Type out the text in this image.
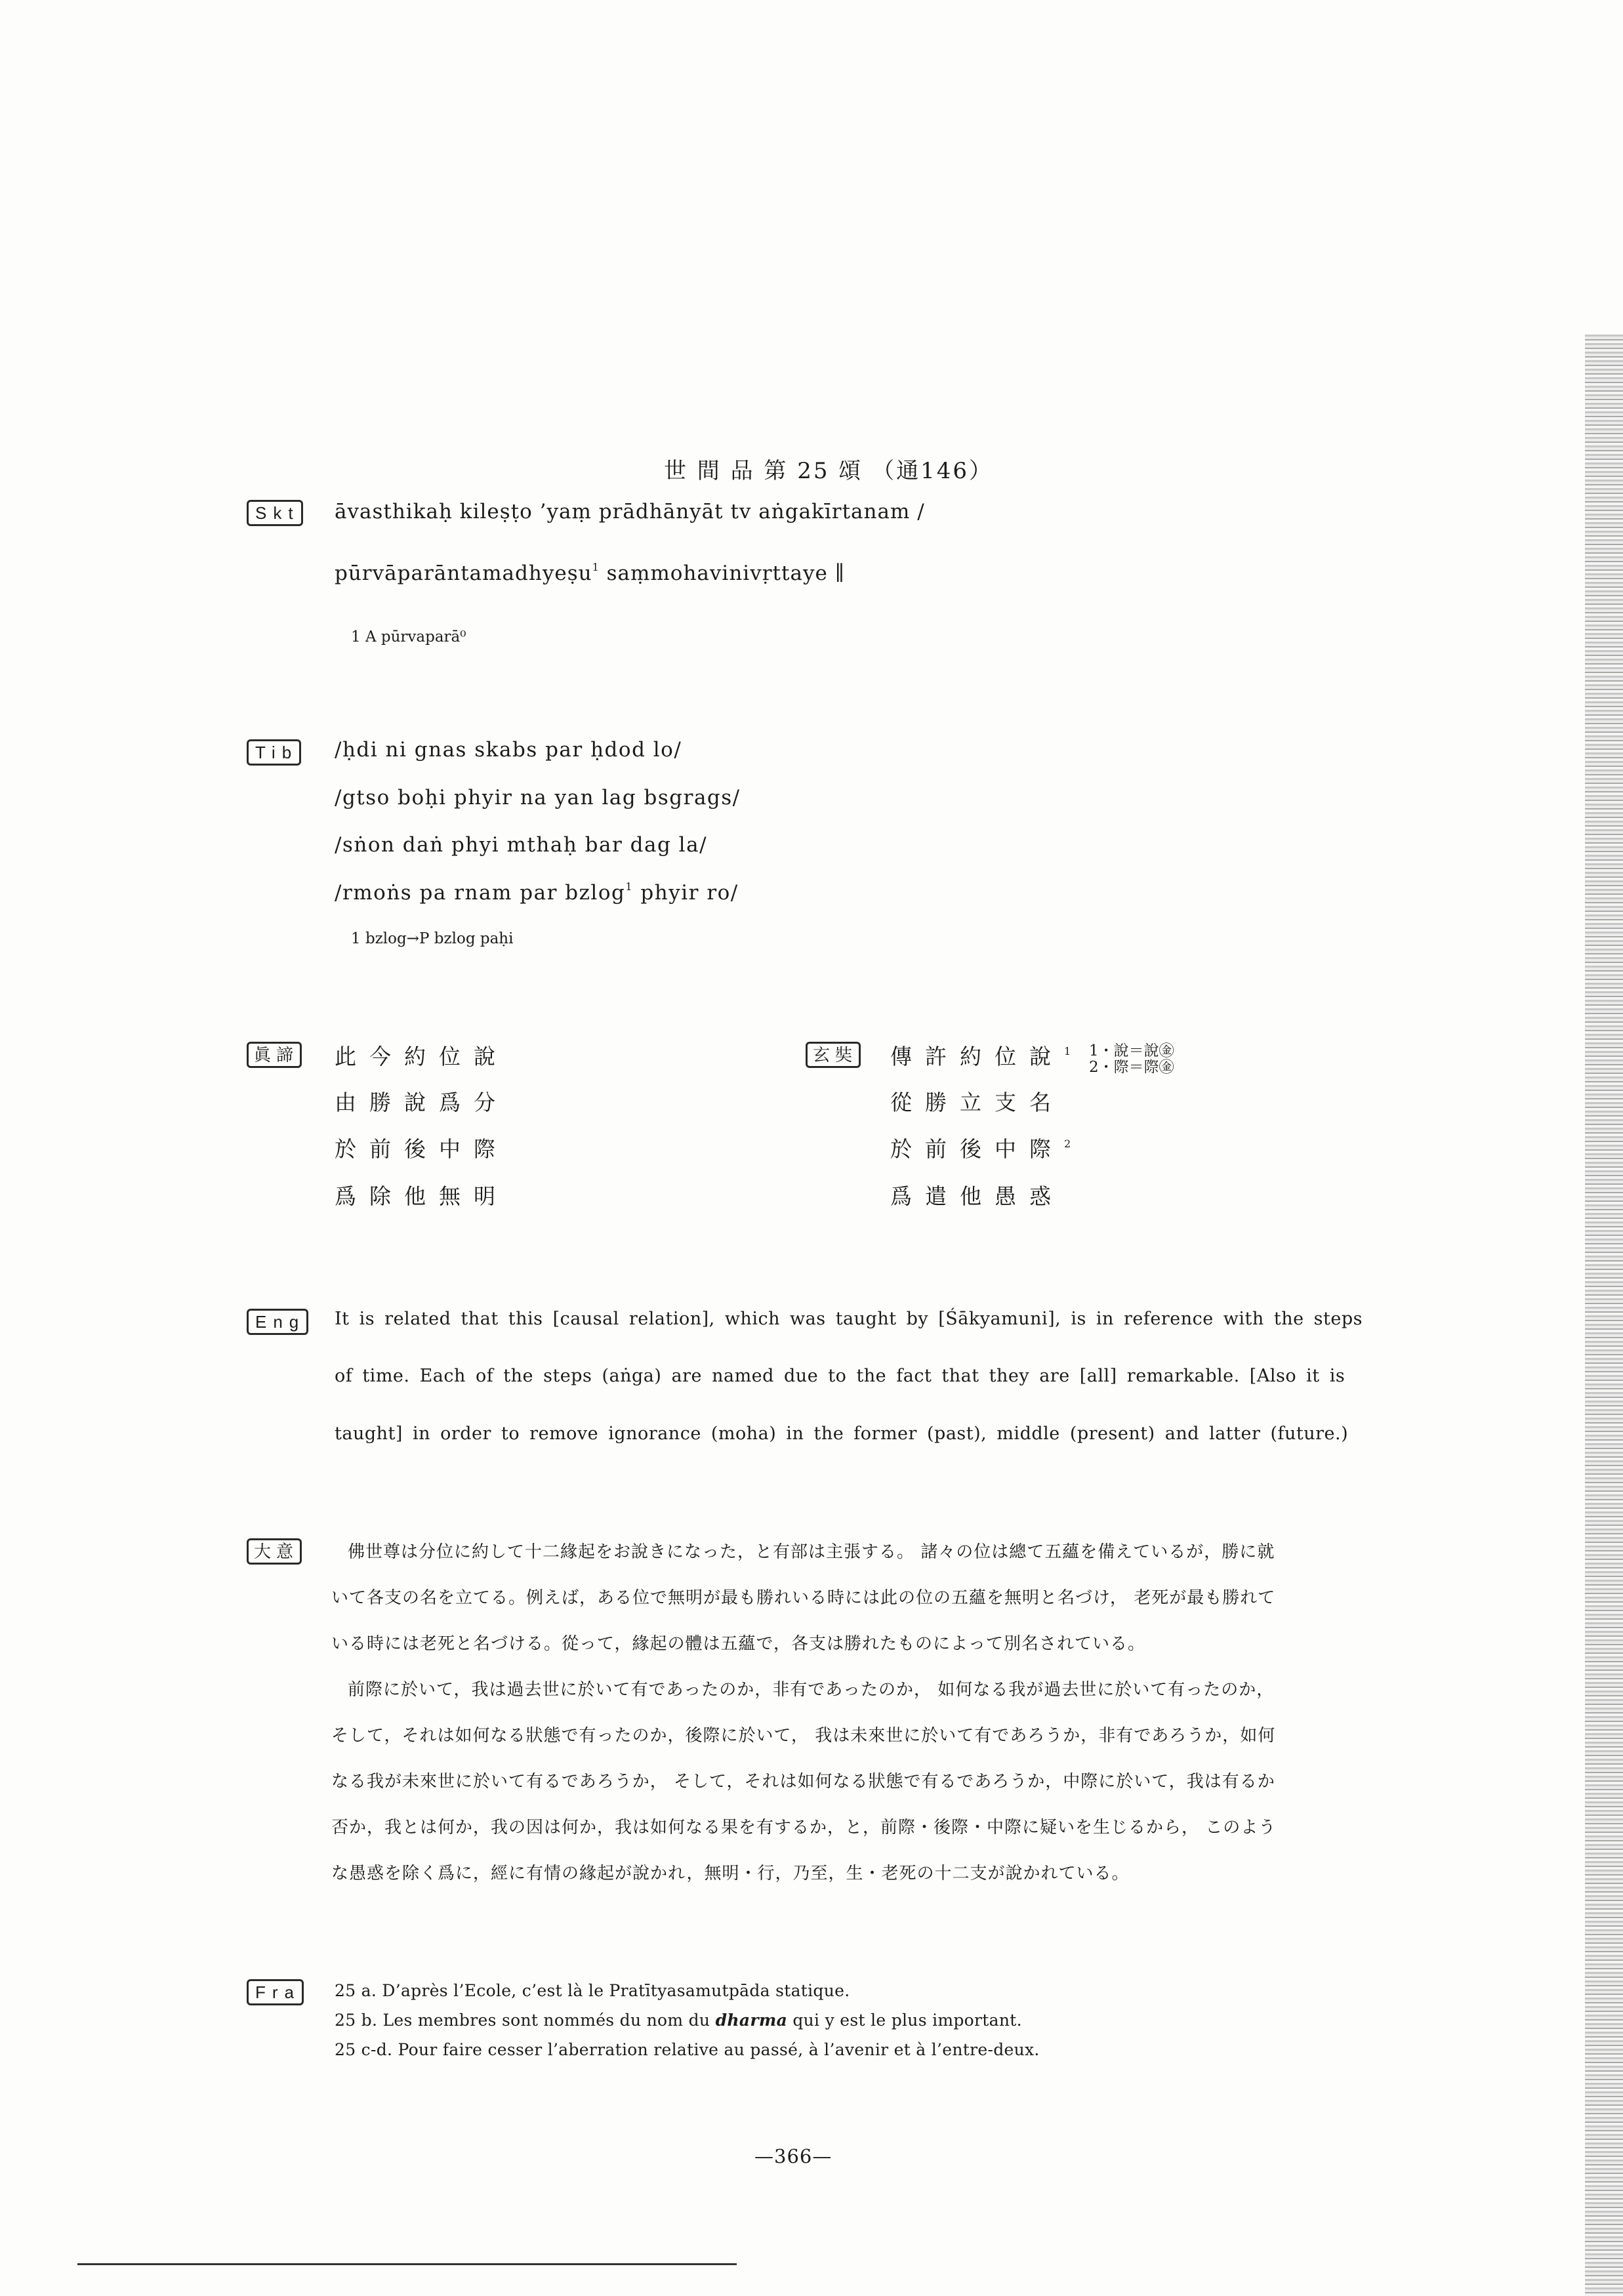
世 間 品 第 25 頌 （通146）
Skt āvasthikaḥ kileṣṭo ’yaṃ prādhānyāt tv aṅgakīrtanam /
pūrvāparāntamadhyeṣu$^1$ saṃmohavinivṛttaye ∥
1 A pūrvaparā⁰
Tib /ḥdi ni gnas skabs par ḥdod lo/
/gtso boḥi phyir na yan lag bsgrags/
/sṅon daṅ phyi mthaḥ bar dag la/
/rmoṅs pa rnam par bzlog$^1$ phyir ro/
1 bzlog→P bzlog paḥi
眞諦 此今約位說
由勝說爲分
於前後中際
爲除他無明
玄奘 傳許約位說$^1$
從勝立支名
於前後中際$^2$
爲遣他愚惑
1・說＝說㊎
2・際＝際㊎
Eng It is related that this [causal relation], which was taught by [Śākyamuni], is in reference with the steps
of time. Each of the steps (aṅga) are named due to the fact that they are [all] remarkable. [Also it is
taught] in order to remove ignorance (moha) in the former (past), middle (present) and latter (future.)
大意	佛世尊は分位に約して十二緣起をお說きになった，と有部は主張する。 諸々の位は總て五蘊を備えているが，勝に就
いて各支の名を立てる。例えば，ある位で無明が最も勝れいる時には此の位の五蘊を無明と名づけ， 老死が最も勝れて
いる時には老死と名づける。從って，緣起の體は五蘊で，各支は勝れたものによって別名されている。
前際に於いて，我は過去世に於いて有であったのか，非有であったのか， 如何なる我が過去世に於いて有ったのか，
そして，それは如何なる狀態で有ったのか，後際に於いて， 我は未來世に於いて有であろうか，非有であろうか，如何
なる我が未來世に於いて有るであろうか， そして，それは如何なる狀態で有るであろうか，中際に於いて，我は有るか
否か，我とは何か，我の因は何か，我は如何なる果を有するか，と，前際・後際・中際に疑いを生じるから， このよう
な愚惑を除く爲に，經に有情の緣起が說かれ，無明・行，乃至，生・老死の十二支が說かれている。
Fra 25 a. D’après l’Ecole, c’est là le Pratītyasamutpāda statique.
25 b. Les membres sont nommés du nom du dharma qui y est le plus important.
25 c-d. Pour faire cesser l’aberration relative au passé, à l’avenir et à l’entre-deux.
—366—
